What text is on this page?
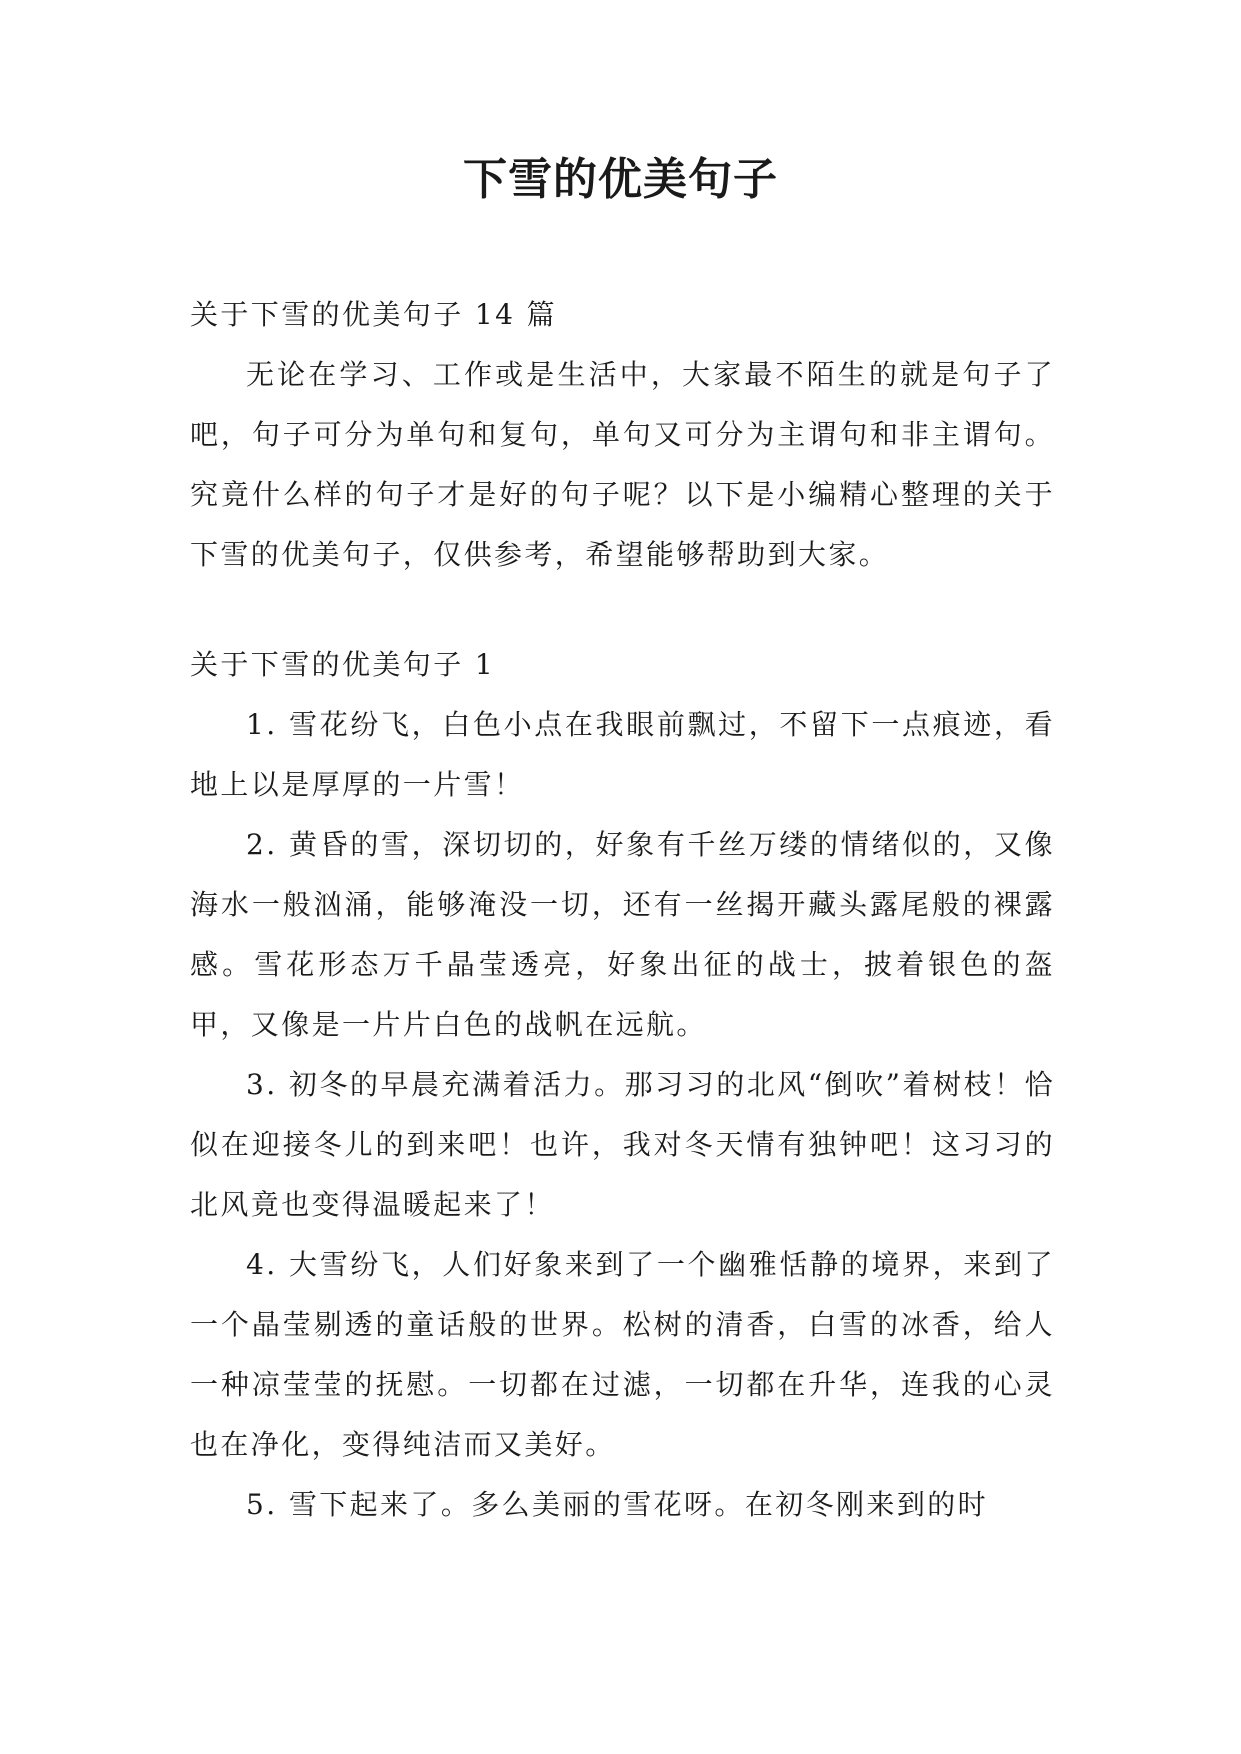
下雪的优美句子

关于下雪的优美句子 14 篇

无论在学习、工作或是生活中，大家最不陌生的就是句子了吧，句子可分为单句和复句，单句又可分为主谓句和非主谓句。究竟什么样的句子才是好的句子呢？以下是小编精心整理的关于下雪的优美句子，仅供参考，希望能够帮助到大家。

关于下雪的优美句子 1

1. 雪花纷飞，白色小点在我眼前飘过，不留下一点痕迹，看地上以是厚厚的一片雪！

2. 黄昏的雪，深切切的，好象有千丝万缕的情绪似的，又像海水一般汹涌，能够淹没一切，还有一丝揭开藏头露尾般的裸露感。雪花形态万千晶莹透亮，好象出征的战士，披着银色的盔甲，又像是一片片白色的战帆在远航。

3. 初冬的早晨充满着活力。那习习的北风“倒吹”着树枝！恰似在迎接冬儿的到来吧！也许，我对冬天情有独钟吧！这习习的北风竟也变得温暖起来了！

4. 大雪纷飞，人们好象来到了一个幽雅恬静的境界，来到了一个晶莹剔透的童话般的世界。松树的清香，白雪的冰香，给人一种凉莹莹的抚慰。一切都在过滤，一切都在升华，连我的心灵也在净化，变得纯洁而又美好。

5. 雪下起来了。多么美丽的雪花呀。在初冬刚来到的时
